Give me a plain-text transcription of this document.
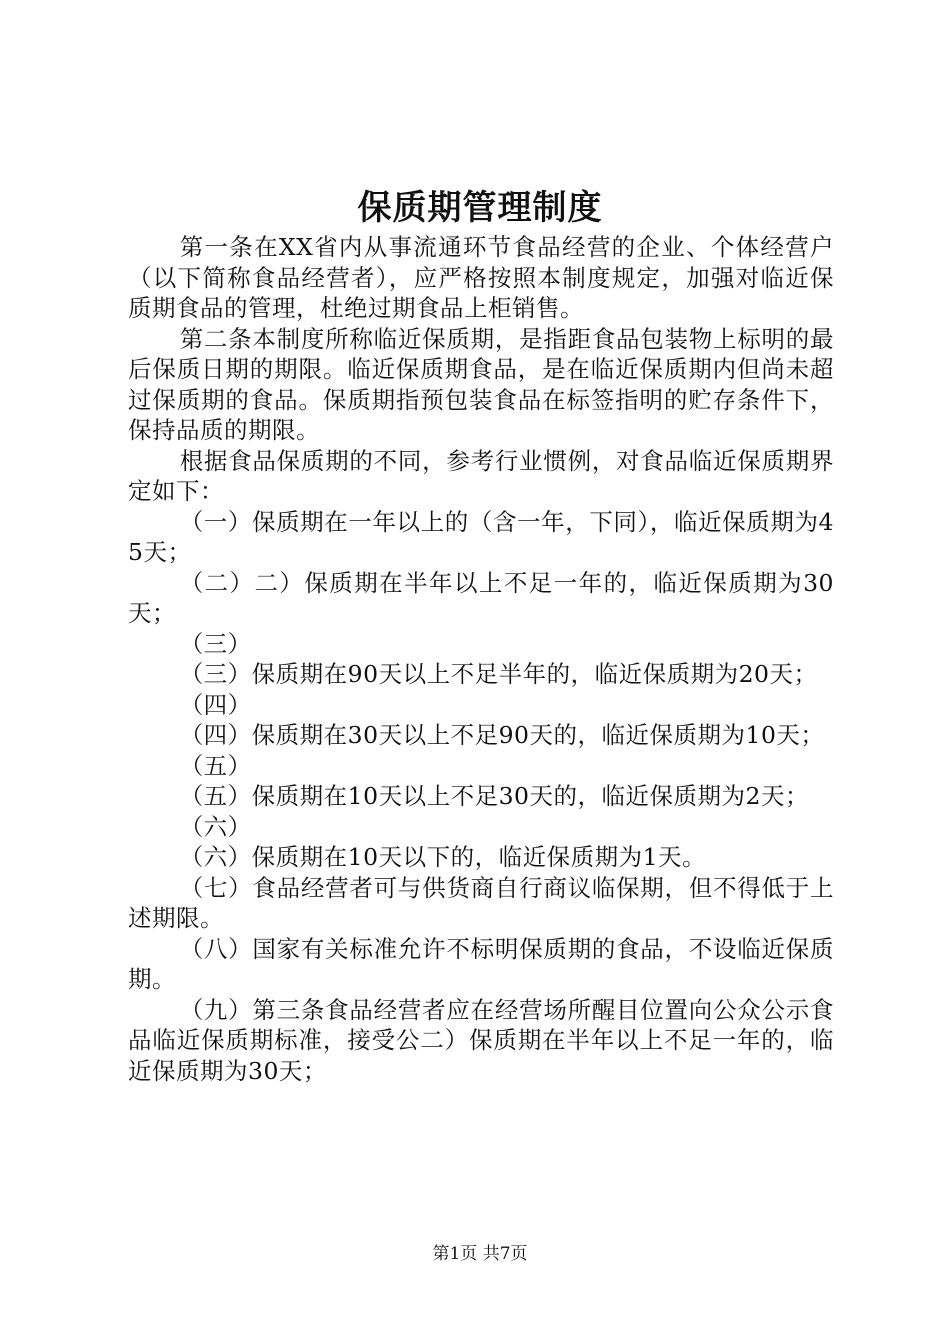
保质期管理制度

第一条在XX省内从事流通环节食品经营的企业、个体经营户（以下简称食品经营者），应严格按照本制度规定，加强对临近保质期食品的管理，杜绝过期食品上柜销售。

第二条本制度所称临近保质期，是指距食品包装物上标明的最后保质日期的期限。临近保质期食品，是在临近保质期内但尚未超过保质期的食品。保质期指预包装食品在标签指明的贮存条件下，保持品质的期限。

根据食品保质期的不同，参考行业惯例，对食品临近保质期界定如下：

（一）保质期在一年以上的（含一年，下同），临近保质期为45天；

（二）二）保质期在半年以上不足一年的，临近保质期为30天；

（三）

（三）保质期在90天以上不足半年的，临近保质期为20天；

（四）

（四）保质期在30天以上不足90天的，临近保质期为10天；

（五）

（五）保质期在10天以上不足30天的，临近保质期为2天；

（六）

（六）保质期在10天以下的，临近保质期为1天。

（七）食品经营者可与供货商自行商议临保期，但不得低于上述期限。

（八）国家有关标准允许不标明保质期的食品，不设临近保质期。

（九）第三条食品经营者应在经营场所醒目位置向公众公示食品临近保质期标准，接受公二）保质期在半年以上不足一年的，临近保质期为30天；

第1页 共7页
